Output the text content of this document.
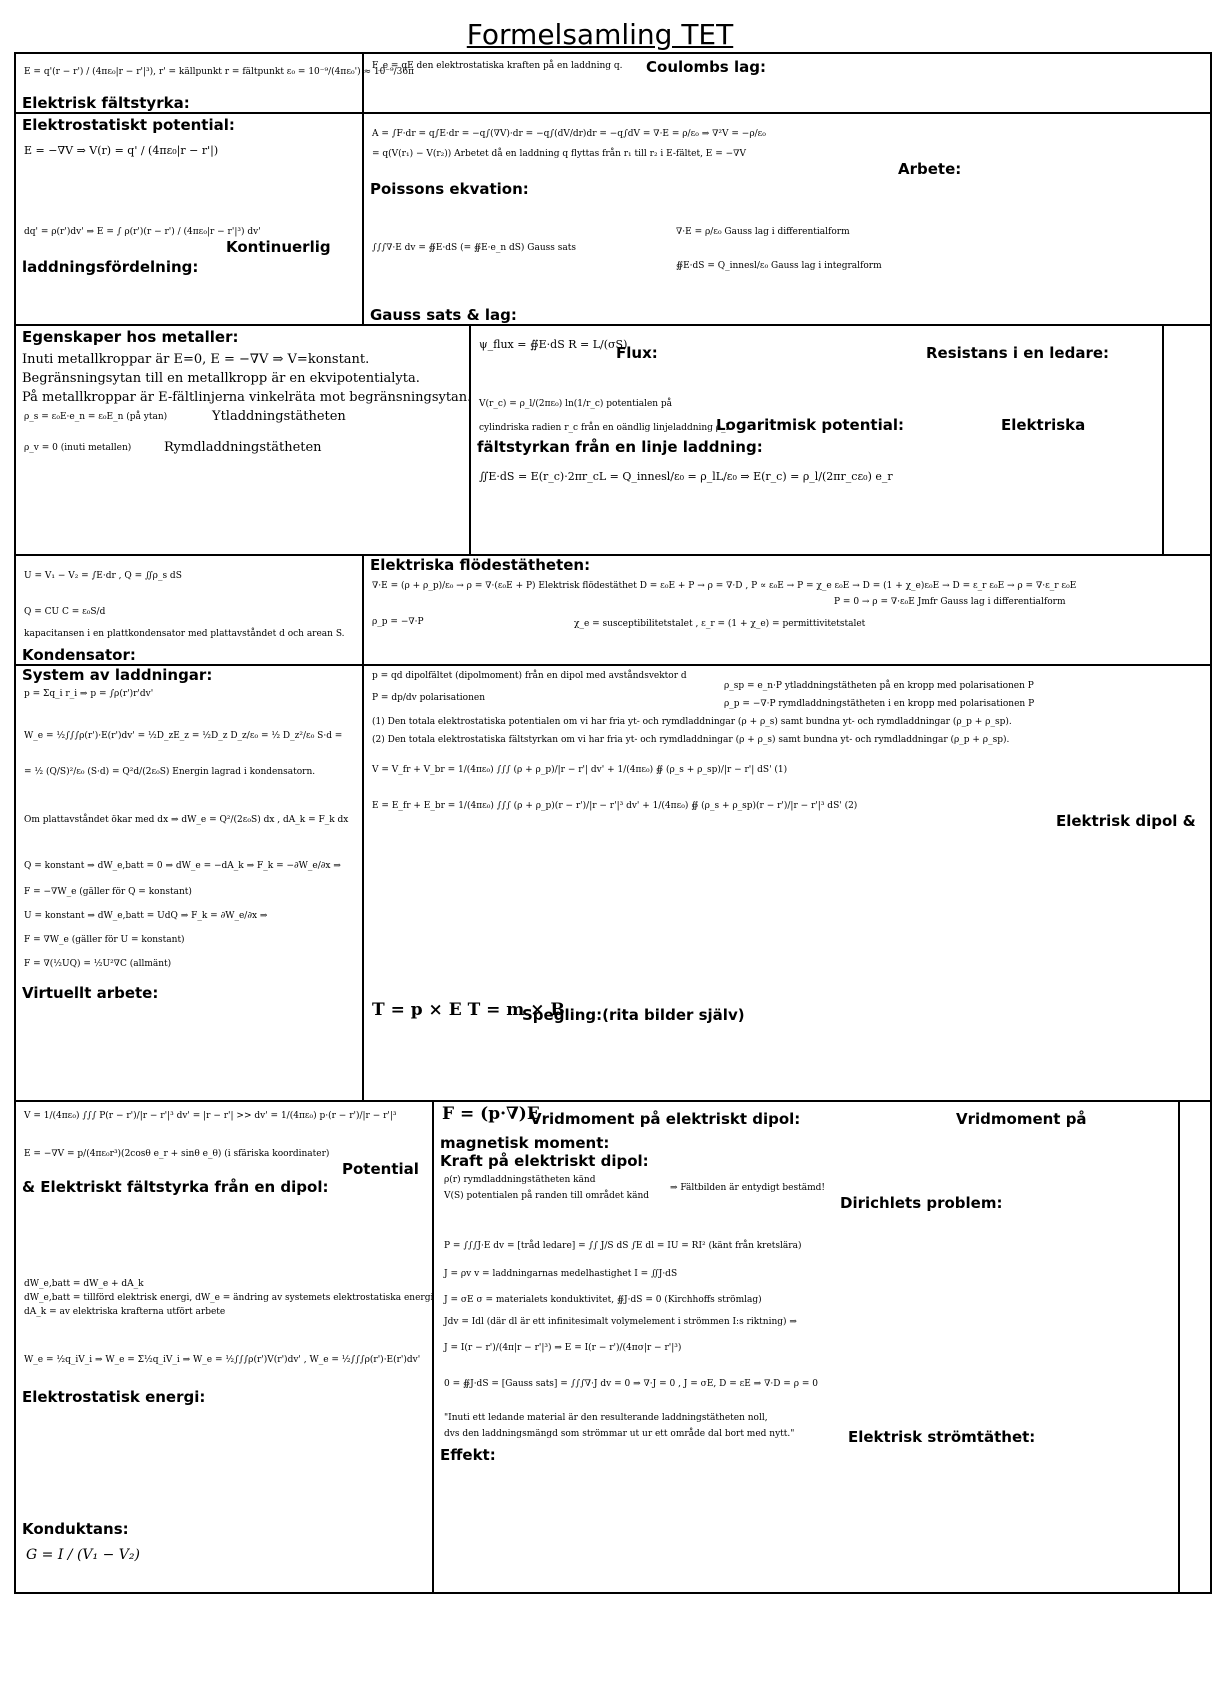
Formelsamling TET
E = q'(r − r') / (4πε₀|r − r'|³), r' = källpunkt r = fältpunkt ε₀ = 10⁻⁹/(4πε₀') ≈ 10⁻⁹/36π
Elektrisk fältstyrka:
F_e = qE den elektrostatiska kraften på en laddning q. Coulombs lag:
Elektrostatiskt potential:
E = −∇V ⇒ V(r) = q' / (4πε₀|r − r'|)
dq' = ρ(r')dv' ⇒ E = ∫ ρ(r')(r − r') / (4πε₀|r − r'|³) dv'
Kontinuerlig
laddningsfördelning:
A = ∫F·dr = q∫E·dr = −q∫(∇V)·dr = −q∫(dV/dr)dr = −q∫dV = ∇·E = ρ/ε₀ ⇒ ∇²V = −ρ/ε₀
= q(V(r₁) − V(r₂)) Arbetet då en laddning q flyttas från r₁ till r₂ i E-fältet, E = −∇V
Arbete:
Poissons ekvation:
∫∫∫∇·E dv = ∯E·dS (= ∯E·e_n dS) Gauss sats
∇·E = ρ/ε₀ Gauss lag i differentialform
∯E·dS = Q_innesl/ε₀ Gauss lag i integralform
Gauss sats & lag:
Egenskaper hos metaller:
Inuti metallkroppar är E=0, E = −∇V ⇒ V=konstant.
Begränsningsytan till en metallkropp är en ekvipotentialyta.
På metallkroppar är E-fältlinjerna vinkelräta mot begränsningsytan.
ρ_s = ε₀E·e_n = ε₀E_n (på ytan)	Ytladdningstätheten
ρ_v = 0 (inuti metallen)	Rymdladdningstätheten
ψ_flux = ∯E·dS R = L/(σS)
Flux:	Resistans i en ledare:
V(r_c) = ρ_l/(2πε₀) ln(1/r_c) potentialen på
cylindriska radien r_c från en oändlig linjeladdning ρ_l
Logaritmisk potential:	Elektriska
fältstyrkan från en linje laddning:
∬E·dS = E(r_c)·2πr_cL = Q_innesl/ε₀ = ρ_lL/ε₀ ⇒ E(r_c) = ρ_l/(2πr_cε₀) e_r
U = V₁ − V₂ = ∫E·dr , Q = ∬ρ_s dS
Q = CU C = ε₀S/d
kapacitansen i en plattkondensator med plattavståndet d och arean S.
Kondensator:
Elektriska flödestätheten:
∇·E = (ρ + ρ_p)/ε₀ → ρ = ∇·(ε₀E + P) Elektrisk flödestäthet D = ε₀E + P → ρ = ∇·D , P ∝ ε₀E → P = χ_e ε₀E → D = (1 + χ_e)ε₀E → D = ε_r ε₀E → ρ = ∇·ε_r ε₀E
P = 0 → ρ = ∇·ε₀E Jmfr Gauss lag i differentialform
ρ_p = −∇·P	χ_e = susceptibilitetstalet , ε_r = (1 + χ_e) = permittivitetstalet
System av laddningar:
p = Σq_i r_i ⇒ p = ∫ρ(r')r'dv'
W_e = ½∫∫∫ρ(r')·E(r')dv' = ½D_zE_z = ½D_z D_z/ε₀ = ½ D_z²/ε₀ S·d =
= ½ (Q/S)²/ε₀ (S·d) = Q²d/(2ε₀S) Energin lagrad i kondensatorn.
Om plattavståndet ökar med dx ⇒ dW_e = Q²/(2ε₀S) dx , dA_k = F_k dx
Q = konstant ⇒ dW_e,batt = 0 ⇒ dW_e = −dA_k ⇒ F_k = −∂W_e/∂x ⇒
F = −∇W_e (gäller för Q = konstant)
U = konstant ⇒ dW_e,batt = UdQ ⇒ F_k = ∂W_e/∂x ⇒
F = ∇W_e (gäller för U = konstant)
F = ∇(½UQ) = ½U²∇C (allmänt)
Virtuellt arbete:
p = qd dipolfältet (dipolmoment) från en dipol med avståndsvektor d
P = dp/dv polarisationen
ρ_sp = e_n·P ytladdningstätheten på en kropp med polarisationen P
ρ_p = −∇·P rymdladdningstätheten i en kropp med polarisationen P
(1) Den totala elektrostatiska potentialen om vi har fria yt- och rymdladdningar (ρ + ρ_s) samt bundna yt- och rymdladdningar (ρ_p + ρ_sp).
(2) Den totala elektrostatiska fältstyrkan om vi har fria yt- och rymdladdningar (ρ + ρ_s) samt bundna yt- och rymdladdningar (ρ_p + ρ_sp).
V = V_fr + V_br = 1/(4πε₀) ∫∫∫ (ρ + ρ_p)/|r − r'| dv' + 1/(4πε₀) ∯ (ρ_s + ρ_sp)/|r − r'| dS' (1)
E = E_fr + E_br = 1/(4πε₀) ∫∫∫ (ρ + ρ_p)(r − r')/|r − r'|³ dv' + 1/(4πε₀) ∯ (ρ_s + ρ_sp)(r − r')/|r − r'|³ dS' (2)
Elektrisk dipol &
T = p × E T = m × B
Spegling:(rita bilder själv)
V = 1/(4πε₀) ∫∫∫ P(r − r')/|r − r'|³ dv' = |r − r'| >> dv' = 1/(4πε₀) p·(r − r')/|r − r'|³
E = −∇V = p/(4πε₀r³)(2cosθ e_r + sinθ e_θ) (i sfäriska koordinater)
Potential
& Elektriskt fältstyrka från en dipol:
dW_e,batt = dW_e + dA_k
dW_e,batt = tillförd elektrisk energi, dW_e = ändring av systemets elektrostatiska energi
dA_k = av elektriska krafterna utfört arbete
W_e = ½q_iV_i ⇒ W_e = Σ½q_iV_i ⇒ W_e = ½∫∫∫ρ(r')V(r')dv' , W_e = ½∫∫∫ρ(r')·E(r')dv'
Elektrostatisk energi:
Konduktans:
G = I / (V₁ − V₂)
F = (p·∇)E
Vridmoment på elektriskt dipol:	Vridmoment på
magnetisk moment:
Kraft på elektriskt dipol:
ρ(r) rymdladdningstätheten känd
V(S) potentialen på randen till området känd
⇒ Fältbilden är entydigt bestämd!
Dirichlets problem:
P = ∫∫∫J·E dv = [tråd ledare] = ∫∫ J/S dS ∫E dl = IU = RI² (känt från kretslära)
J = ρv v = laddningarnas medelhastighet I = ∬J·dS
J = σE σ = materialets konduktivitet, ∯J·dS = 0 (Kirchhoffs strömlag)
Jdv = Idl (där dl är ett infinitesimalt volymelement i strömmen I:s riktning) ⇒
J = I(r − r')/(4π|r − r'|³) ⇒ E = I(r − r')/(4πσ|r − r'|³)
0 = ∯J·dS = [Gauss sats] = ∫∫∫∇·J dv = 0 ⇒ ∇·J = 0 , J = σE, D = εE ⇒ ∇·D = ρ = 0
"Inuti ett ledande material är den resulterande laddningstätheten noll,
dvs den laddningsmängd som strömmar ut ur ett område dal bort med nytt."	Elektrisk strömtäthet:
Effekt:
